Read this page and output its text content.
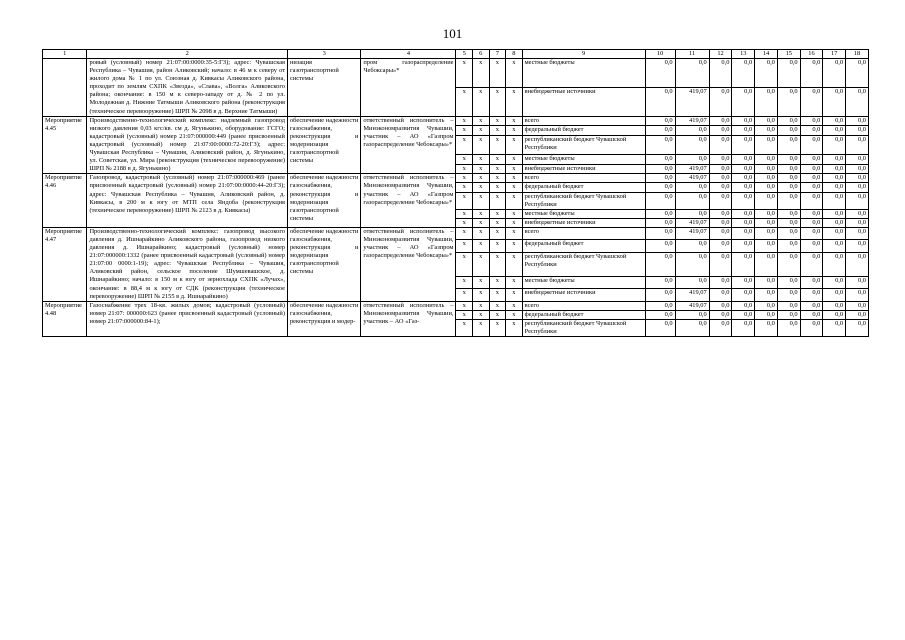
101
1	2	3	4	5	6	7	8	9	10	11	12	13	14	15	16	17	18
	ровый (условный) номер 21:07:00:0000:35-5:ГЗ); адрес: Чувашская Республика – Чувашия, район Аликовский; начало: в 46 м к северу от жилого дома № 1 по ул. Союзная д. Кивкасы Аликовского района, проходит по землям СХПК «Звезда», «Слава», «Волга» Аликовского района; окончание: в 150 м к северо-западу от д. № 2 по ул. Молодежная д. Нижние Татмыши Аликовского района (реконструкция (техническое перевооружение) ШРП № 2098 в д. Верхние Татмыши)	низация газотранспортной системы	пром газораспределение Чебоксары»*	x	x	x	x	местные бюджеты	0,0	0,0	0,0	0,0	0,0	0,0	0,0	0,0	0,0
				x	x	x	x	внебюджетные источники	0,0	419,07	0,0	0,0	0,0	0,0	0,0	0,0	0,0
Мероприятие 4.45	Производственно-технологический комплекс: надземный газопровод низкого давления 0,03 кгс/кв. см д. Ягунькино, оборудование: ГСГО; кадастровый (условный) номер 21:07:000000:449 (ранее присвоенный кадастровый (условный) номер 21:07:00:0000:72-20:ГЗ); адрес: Чувашская Республика – Чувашия, Аликовский район, д. Ягунькино, ул. Советская, ул. Мира (реконструкция (техническое перевооружение) ШРП № 2188 в д. Ягунькино)	обеспечение надежности газоснабжения, реконструкция и модернизация газотранспортной системы	ответственный исполнитель – Минэкономразвития Чувашии, участник – АО «Газпром газораспределение Чебоксары»*	x	x	x	x	всего	0,0	419,07	0,0	0,0	0,0	0,0	0,0	0,0	0,0
				x	x	x	x	федеральный бюджет	0,0	0,0	0,0	0,0	0,0	0,0	0,0	0,0	0,0
				x	x	x	x	республиканский бюджет Чувашской Республики	0,0	0,0	0,0	0,0	0,0	0,0	0,0	0,0	0,0
				x	x	x	x	местные бюджеты	0,0	0,0	0,0	0,0	0,0	0,0	0,0	0,0	0,0
				x	x	x	x	внебюджетные источники	0,0	419,07	0,0	0,0	0,0	0,0	0,0	0,0	0,0
Мероприятие 4.46	Газопровод, кадастровый (условный) номер 21:07:000000:469 (ранее присвоенный кадастровый (условный) номер 21:07:00:0000:44-20:ГЗ); адрес: Чувашская Республика – Чувашия, Аликовский район, д. Кивкасы, в 200 м к югу от МТП села Яндоба (реконструкция (техническое перевооружение) ШРП № 2123 в д. Кивкасы)	обеспечение надежности газоснабжения, реконструкция и модернизация газотранспортной системы	ответственный исполнитель – Минэкономразвития Чувашии, участник – АО «Газпром газораспределение Чебоксары»*	x	x	x	x	всего	0,0	419,07	0,0	0,0	0,0	0,0	0,0	0,0	0,0
				x	x	x	x	федеральный бюджет	0,0	0,0	0,0	0,0	0,0	0,0	0,0	0,0	0,0
				x	x	x	x	республиканский бюджет Чувашской Республики	0,0	0,0	0,0	0,0	0,0	0,0	0,0	0,0	0,0
				x	x	x	x	местные бюджеты	0,0	0,0	0,0	0,0	0,0	0,0	0,0	0,0	0,0
				x	x	x	x	внебюджетные источники	0,0	419,07	0,0	0,0	0,0	0,0	0,0	0,0	0,0
Мероприятие 4.47	Производственно-технологический комплекс: газопровод высокого давления д. Ишнарайкино Аликовского района, газопровод низкого давления д. Ишнарайкино; кадастровый (условный) номер 21:07:000000:1332 (ранее присвоенный кадастровый (условный) номер 21:07:00 0000:1-19); адрес: Чувашская Республика – Чувашия, Аликовский район, сельское поселение Шумшевашское, д. Ишнарайкино; начало: в 150 м к югу от зернохлада СХПК «Лучах», окончание: в 88,4 м к югу от СДК (реконструкция (техническое перевооружение) ШРП № 2155 в д. Ишнарайкино)	обеспечение надежности газоснабжения, реконструкция и модернизация газотранспортной системы	ответственный исполнитель – Минэкономразвития Чувашии, участник – АО «Газпром газораспределение Чебоксары»*	x	x	x	x	всего	0,0	419,07	0,0	0,0	0,0	0,0	0,0	0,0	0,0
				x	x	x	x	федеральный бюджет	0,0	0,0	0,0	0,0	0,0	0,0	0,0	0,0	0,0
				x	x	x	x	республиканский бюджет Чувашской Республики	0,0	0,0	0,0	0,0	0,0	0,0	0,0	0,0	0,0
				x	x	x	x	местные бюджеты	0,0	0,0	0,0	0,0	0,0	0,0	0,0	0,0	0,0
				x	x	x	x	внебюджетные источники	0,0	419,07	0,0	0,0	0,0	0,0	0,0	0,0	0,0
Мероприятие 4.48	Газоснабжение трех 18-кв. жилых домов; кадастровый (условный) номер 21:07: 000000:623 (ранее присвоенный кадастровый (условный) номер 21:07:000000:84-1);	обеспечение надежности газоснабжения, реконструкция и модер-	ответственный исполнитель – Минэкономразвития Чувашии, участник – АО «Газ-	x	x	x	x	всего	0,0	419,07	0,0	0,0	0,0	0,0	0,0	0,0	0,0
				x	x	x	x	федеральный бюджет	0,0	0,0	0,0	0,0	0,0	0,0	0,0	0,0	0,0
				x	x	x	x	республиканский бюджет Чувашской Республики	0,0	0,0	0,0	0,0	0,0	0,0	0,0	0,0	0,0
